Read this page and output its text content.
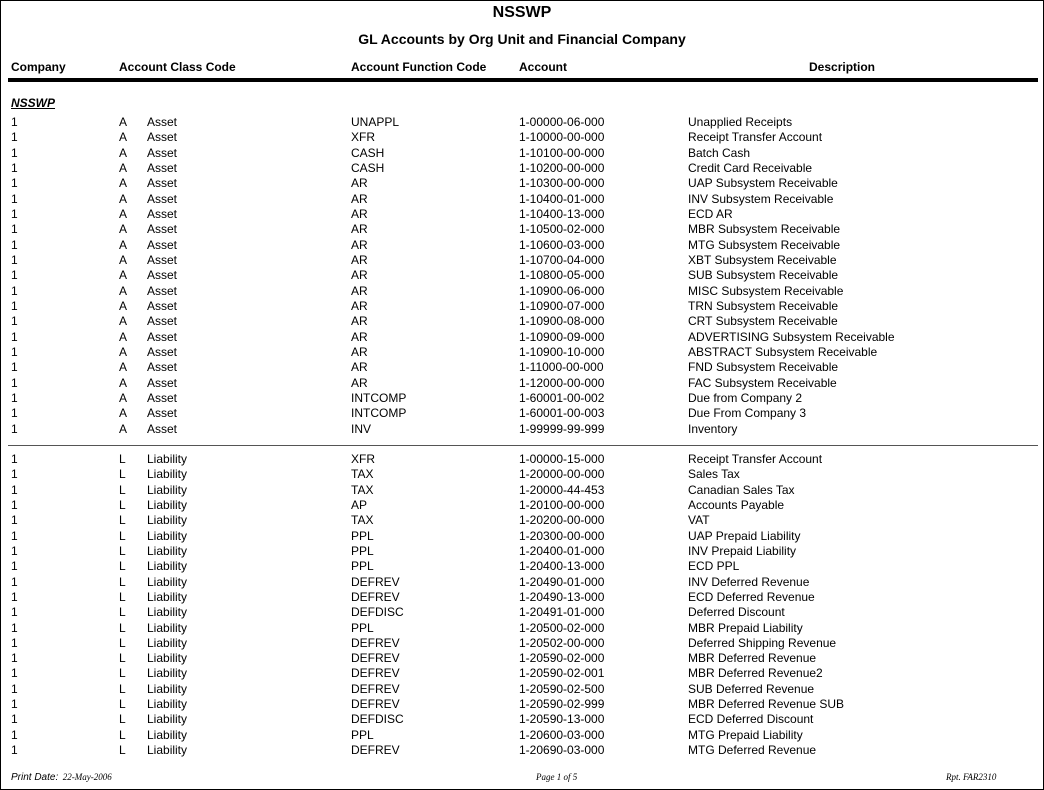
NSSWP
GL Accounts by Org Unit and Financial Company
Company	Account Class Code	Account Function Code	Account	Description
NSSWP
1	A Asset	UNAPPL	1-00000-06-000	Unapplied Receipts
1	A Asset	XFR	1-10000-00-000	Receipt Transfer Account
1	A Asset	CASH	1-10100-00-000	Batch Cash
1	A Asset	CASH	1-10200-00-000	Credit Card Receivable
1	A Asset	AR	1-10300-00-000	UAP Subsystem Receivable
1	A Asset	AR	1-10400-01-000	INV Subsystem Receivable
1	A Asset	AR	1-10400-13-000	ECD AR
1	A Asset	AR	1-10500-02-000	MBR Subsystem Receivable
1	A Asset	AR	1-10600-03-000	MTG Subsystem Receivable
1	A Asset	AR	1-10700-04-000	XBT Subsystem Receivable
1	A Asset	AR	1-10800-05-000	SUB Subsystem Receivable
1	A Asset	AR	1-10900-06-000	MISC Subsystem Receivable
1	A Asset	AR	1-10900-07-000	TRN Subsystem Receivable
1	A Asset	AR	1-10900-08-000	CRT Subsystem Receivable
1	A Asset	AR	1-10900-09-000	ADVERTISING Subsystem Receivable
1	A Asset	AR	1-10900-10-000	ABSTRACT Subsystem Receivable
1	A Asset	AR	1-11000-00-000	FND Subsystem Receivable
1	A Asset	AR	1-12000-00-000	FAC Subsystem Receivable
1	A Asset	INTCOMP	1-60001-00-002	Due from Company 2
1	A Asset	INTCOMP	1-60001-00-003	Due From Company 3
1	A Asset	INV	1-99999-99-999	Inventory
1	L Liability	XFR	1-00000-15-000	Receipt Transfer Account
1	L Liability	TAX	1-20000-00-000	Sales Tax
1	L Liability	TAX	1-20000-44-453	Canadian Sales Tax
1	L Liability	AP	1-20100-00-000	Accounts Payable
1	L Liability	TAX	1-20200-00-000	VAT
1	L Liability	PPL	1-20300-00-000	UAP Prepaid Liability
1	L Liability	PPL	1-20400-01-000	INV Prepaid Liability
1	L Liability	PPL	1-20400-13-000	ECD PPL
1	L Liability	DEFREV	1-20490-01-000	INV Deferred Revenue
1	L Liability	DEFREV	1-20490-13-000	ECD Deferred Revenue
1	L Liability	DEFDISC	1-20491-01-000	Deferred Discount
1	L Liability	PPL	1-20500-02-000	MBR Prepaid Liability
1	L Liability	DEFREV	1-20502-00-000	Deferred Shipping Revenue
1	L Liability	DEFREV	1-20590-02-000	MBR Deferred Revenue
1	L Liability	DEFREV	1-20590-02-001	MBR Deferred Revenue2
1	L Liability	DEFREV	1-20590-02-500	SUB Deferred Revenue
1	L Liability	DEFREV	1-20590-02-999	MBR Deferred Revenue SUB
1	L Liability	DEFDISC	1-20590-13-000	ECD Deferred Discount
1	L Liability	PPL	1-20600-03-000	MTG Prepaid Liability
1	L Liability	DEFREV	1-20690-03-000	MTG Deferred Revenue
Print Date: 22-May-2006	Page 1 of 5	Rpt. FAR2310
